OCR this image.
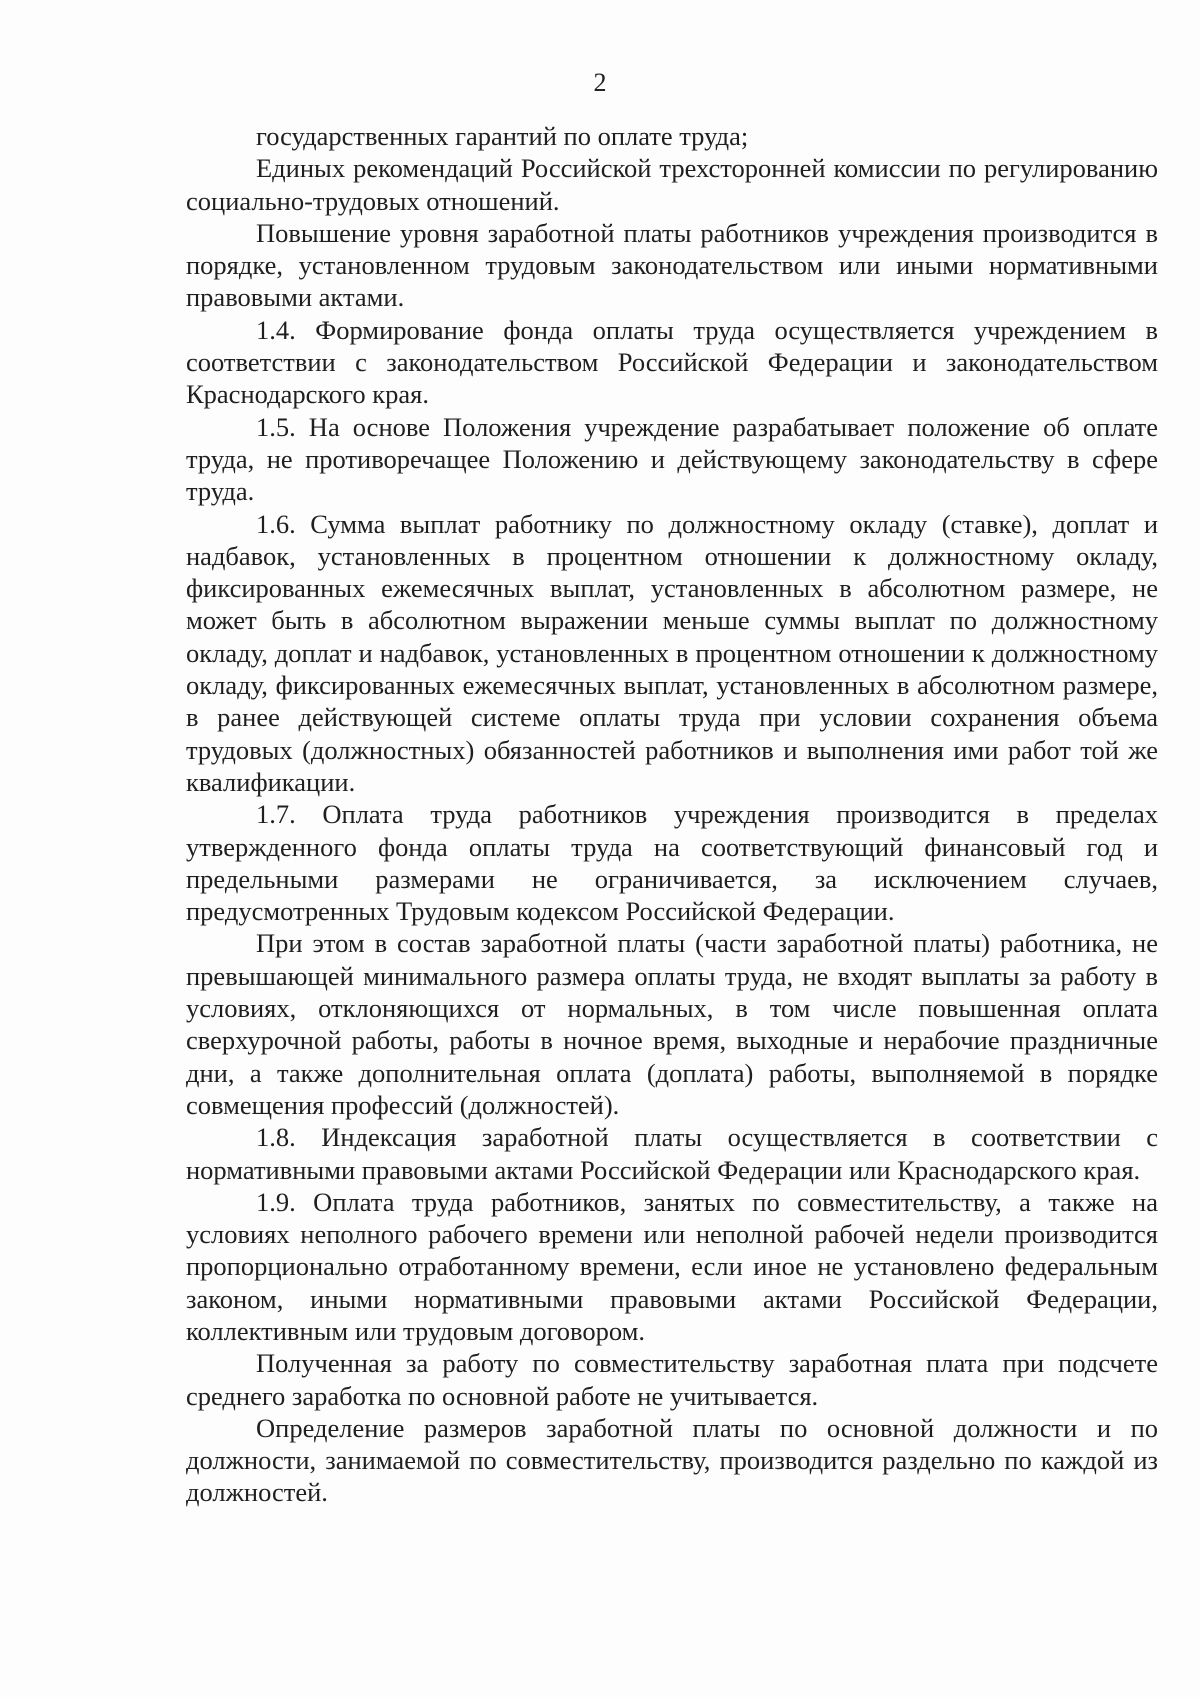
2

государственных гарантий по оплате труда;

Единых рекомендаций Российской трехсторонней комиссии по регулированию социально-трудовых отношений.

Повышение уровня заработной платы работников учреждения производится в порядке, установленном трудовым законодательством или иными нормативными правовыми актами.

1.4. Формирование фонда оплаты труда осуществляется учреждением в соответствии с законодательством Российской Федерации и законодательством Краснодарского края.

1.5. На основе Положения учреждение разрабатывает положение об оплате труда, не противоречащее Положению и действующему законодательству в сфере труда.

1.6. Сумма выплат работнику по должностному окладу (ставке), доплат и надбавок, установленных в процентном отношении к должностному окладу, фиксированных ежемесячных выплат, установленных в абсолютном размере, не может быть в абсолютном выражении меньше суммы выплат по должностному окладу, доплат и надбавок, установленных в процентном отношении к должностному окладу, фиксированных ежемесячных выплат, установленных в абсолютном размере, в ранее действующей системе оплаты труда при условии сохранения объема трудовых (должностных) обязанностей работников и выполнения ими работ той же квалификации.

1.7. Оплата труда работников учреждения производится в пределах утвержденного фонда оплаты труда на соответствующий финансовый год и предельными размерами не ограничивается, за исключением случаев, предусмотренных Трудовым кодексом Российской Федерации.

При этом в состав заработной платы (части заработной платы) работника, не превышающей минимального размера оплаты труда, не входят выплаты за работу в условиях, отклоняющихся от нормальных, в том числе повышенная оплата сверхурочной работы, работы в ночное время, выходные и нерабочие праздничные дни, а также дополнительная оплата (доплата) работы, выполняемой в порядке совмещения профессий (должностей).

1.8. Индексация заработной платы осуществляется в соответствии с нормативными правовыми актами Российской Федерации или Краснодарского края.

1.9. Оплата труда работников, занятых по совместительству, а также на условиях неполного рабочего времени или неполной рабочей недели производится пропорционально отработанному времени, если иное не установлено федеральным законом, иными нормативными правовыми актами Российской Федерации, коллективным или трудовым договором.

Полученная за работу по совместительству заработная плата при подсчете среднего заработка по основной работе не учитывается.

Определение размеров заработной платы по основной должности и по должности, занимаемой по совместительству, производится раздельно по каждой из должностей.
